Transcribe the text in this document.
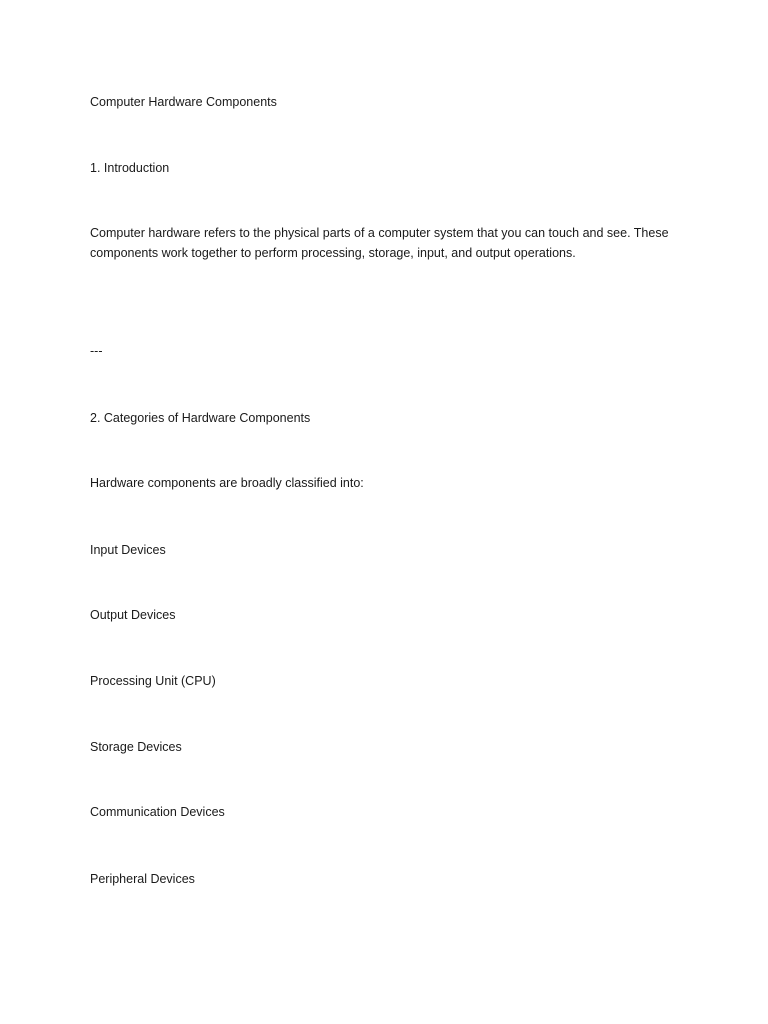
Computer Hardware Components

1. Introduction

Computer hardware refers to the physical parts of a computer system that you can touch and see. These components work together to perform processing, storage, input, and output operations.

---

2. Categories of Hardware Components

Hardware components are broadly classified into:

Input Devices

Output Devices

Processing Unit (CPU)

Storage Devices

Communication Devices

Peripheral Devices
